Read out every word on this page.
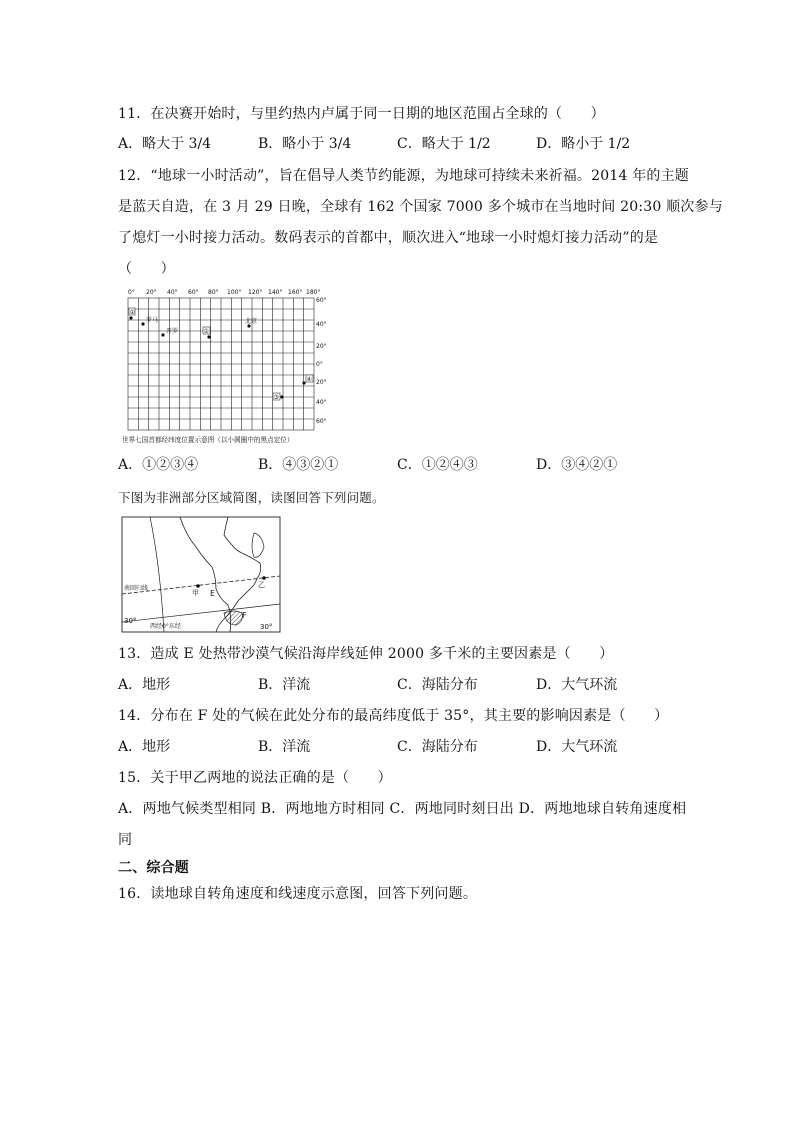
11．在决赛开始时，与里约热内卢属于同一日期的地区范围占全球的（　　）
A．略大于 3/4	B．略小于 3/4	C．略大于 1/2	D．略小于 1/2
12．“地球一小时活动”，旨在倡导人类节约能源，为地球可持续未来祈福。2014 年的主题
是蓝天自造，在 3 月 29 日晚，全球有 162 个国家 7000 多个城市在当地时间 20:30 顺次参与
了熄灯一小时接力活动。数码表示的首都中，顺次进入“地球一小时熄灯接力活动”的是
（　　）
0° 20° 40° 60° 80° 100° 120° 140° 160° 180°
60°
40°
20°
0°
20°
40°
60°
①
罗马
开罗	②
北京
③
④
世界七国首都经纬度位置示意图（以小圆圈中的黑点定位）
A．①②③④	B．④③②①	C．①②④③	D．③④②①
下图为非洲部分区域简图，读图回答下列问题。
南回归线
30°
30°
西经0°东经
甲 E
乙
F
13．造成 E 处热带沙漠气候沿海岸线延伸 2000 多千米的主要因素是（　　）
A．地形	B．洋流	C．海陆分布	D．大气环流
14．分布在 F 处的气候在此处分布的最高纬度低于 35°，其主要的影响因素是（　　）
A．地形	B．洋流	C．海陆分布	D．大气环流
15．关于甲乙两地的说法正确的是（　　）
A．两地气候类型相同 B．两地地方时相同 C．两地同时刻日出 D．两地地球自转角速度相
同
二、综合题
16．读地球自转角速度和线速度示意图，回答下列问题。
